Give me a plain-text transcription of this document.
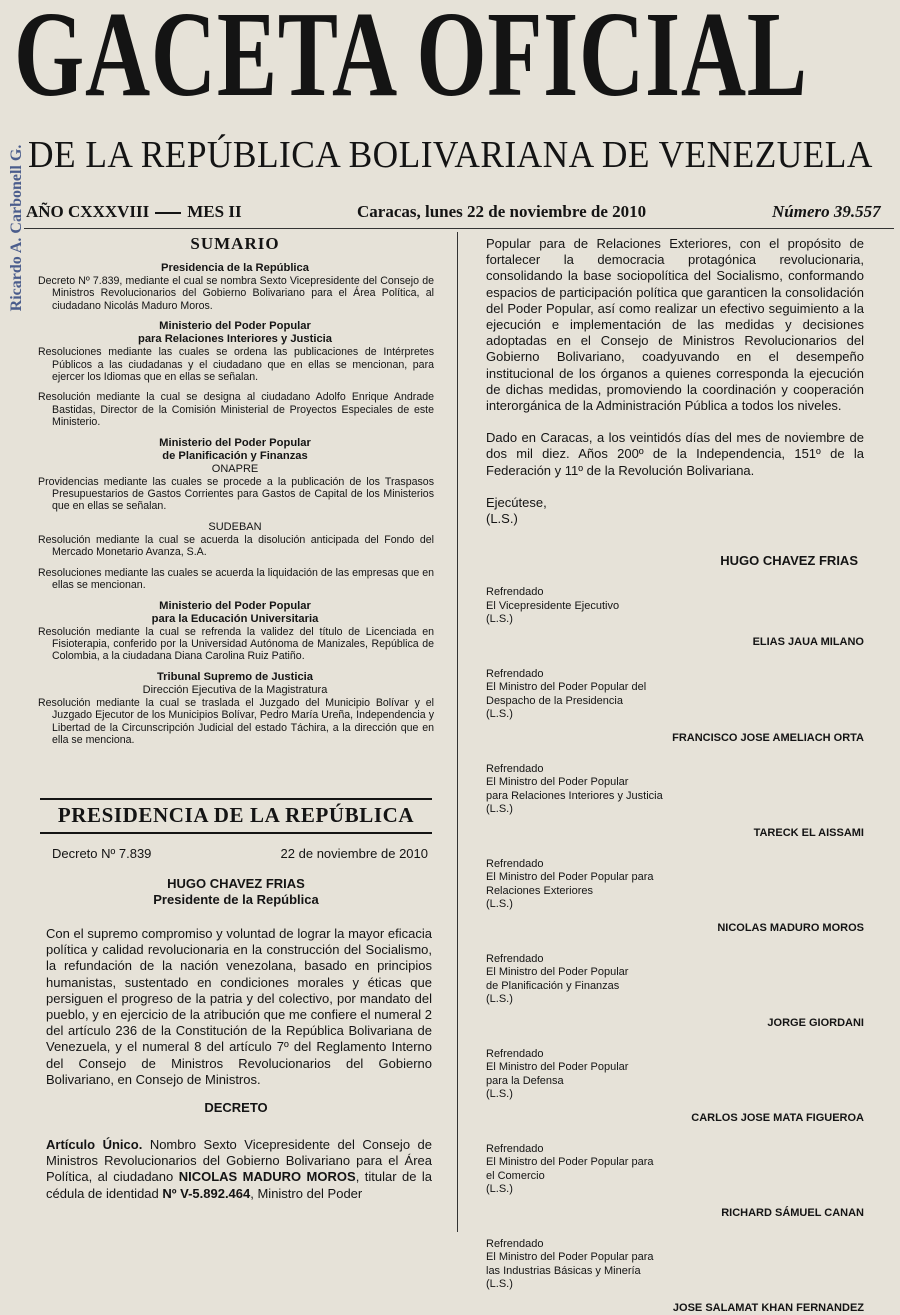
GACETA OFICIAL
DE LA REPÚBLICA BOLIVARIANA DE VENEZUELA
Ricardo A. Carbonell G. AÑO CXXXVIII MES II	Caracas, lunes 22 de noviembre de 2010	Número 39.557
SUMARIO
Presidencia de la República
Decreto Nº 7.839, mediante el cual se nombra Sexto Vicepresidente del Consejo de Ministros Revolucionarios del Gobierno Bolivariano para el Área Política, al ciudadano Nicolás Maduro Moros.
Ministerio del Poder Popular
para Relaciones Interiores y Justicia
Resoluciones mediante las cuales se ordena las publicaciones de Intérpretes Públicos a las ciudadanas y el ciudadano que en ellas se mencionan, para ejercer los Idiomas que en ellas se señalan.
Resolución mediante la cual se designa al ciudadano Adolfo Enrique Andrade Bastidas, Director de la Comisión Ministerial de Proyectos Especiales de este Ministerio.
Ministerio del Poder Popular
de Planificación y Finanzas
ONAPRE
Providencias mediante las cuales se procede a la publicación de los Traspasos Presupuestarios de Gastos Corrientes para Gastos de Capital de los Ministerios que en ellas se señalan.
SUDEBAN
Resolución mediante la cual se acuerda la disolución anticipada del Fondo del Mercado Monetario Avanza, S.A.
Resoluciones mediante las cuales se acuerda la liquidación de las empresas que en ellas se mencionan.
Ministerio del Poder Popular
para la Educación Universitaria
Resolución mediante la cual se refrenda la validez del título de Licenciada en Fisioterapia, conferido por la Universidad Autónoma de Manizales, República de Colombia, a la ciudadana Diana Carolina Ruiz Patiño.
Tribunal Supremo de Justicia
Dirección Ejecutiva de la Magistratura
Resolución mediante la cual se traslada el Juzgado del Municipio Bolívar y el Juzgado Ejecutor de los Municipios Bolívar, Pedro María Ureña, Independencia y Libertad de la Circunscripción Judicial del estado Táchira, a la dirección que en ella se menciona.
PRESIDENCIA DE LA REPÚBLICA
Decreto Nº 7.839	22 de noviembre de 2010
HUGO CHAVEZ FRIAS
Presidente de la República
Con el supremo compromiso y voluntad de lograr la mayor eficacia política y calidad revolucionaria en la construcción del Socialismo, la refundación de la nación venezolana, basado en principios humanistas, sustentado en condiciones morales y éticas que persiguen el progreso de la patria y del colectivo, por mandato del pueblo, y en ejercicio de la atribución que me confiere el numeral 2 del artículo 236 de la Constitución de la República Bolivariana de Venezuela, y el numeral 8 del artículo 7º del Reglamento Interno del Consejo de Ministros Revolucionarios del Gobierno Bolivariano, en Consejo de Ministros.
DECRETO
Artículo Único. Nombro Sexto Vicepresidente del Consejo de Ministros Revolucionarios del Gobierno Bolivariano para el Área Política, al ciudadano NICOLAS MADURO MOROS, titular de la cédula de identidad Nº V-5.892.464, Ministro del Poder
Popular para de Relaciones Exteriores, con el propósito de fortalecer la democracia protagónica revolucionaria, consolidando la base sociopolítica del Socialismo, conformando espacios de participación política que garanticen la consolidación del Poder Popular, así como realizar un efectivo seguimiento a la ejecución e implementación de las medidas y decisiones adoptadas en el Consejo de Ministros Revolucionarios del Gobierno Bolivariano, coadyuvando en el desempeño institucional de los órganos a quienes corresponda la ejecución de dichas medidas, promoviendo la coordinación y cooperación interorgánica de la Administración Pública a todos los niveles.
Dado en Caracas, a los veintidós días del mes de noviembre de dos mil diez. Años 200º de la Independencia, 151º de la Federación y 11º de la Revolución Bolivariana.
Ejecútese,
(L.S.)
HUGO CHAVEZ FRIAS
Refrendado
El Vicepresidente Ejecutivo
(L.S.)
ELIAS JAUA MILANO
Refrendado
El Ministro del Poder Popular del
Despacho de la Presidencia
(L.S.)
FRANCISCO JOSE AMELIACH ORTA
Refrendado
El Ministro del Poder Popular
para Relaciones Interiores y Justicia
(L.S.)
TARECK EL AISSAMI
Refrendado
El Ministro del Poder Popular para
Relaciones Exteriores
(L.S.)
NICOLAS MADURO MOROS
Refrendado
El Ministro del Poder Popular
de Planificación y Finanzas
(L.S.)
JORGE GIORDANI
Refrendado
El Ministro del Poder Popular
para la Defensa
(L.S.)
CARLOS JOSE MATA FIGUEROA
Refrendado
El Ministro del Poder Popular para
el Comercio
(L.S.)
RICHARD SÁMUEL CANAN
Refrendado
El Ministro del Poder Popular para
las Industrias Básicas y Minería
(L.S.)
JOSE SALAMAT KHAN FERNANDEZ
